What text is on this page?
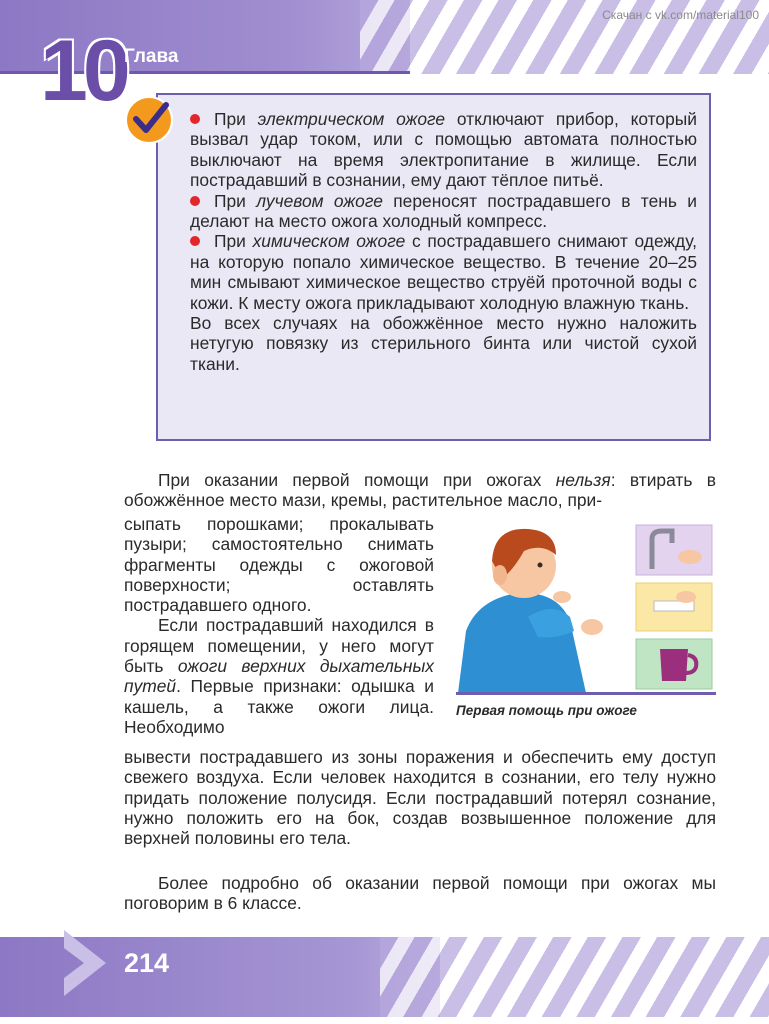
Скачан с vk.com/material100
10
Глава

При электрическом ожоге отключают прибор, который вызвал удар током, или с помощью автомата полностью выключают на время электропитание в жилище. Если пострадавший в сознании, ему дают тёплое питьё.

При лучевом ожоге переносят пострадавшего в тень и делают на место ожога холодный компресс.

При химическом ожоге с пострадавшего снимают одежду, на которую попало химическое вещество. В течение 20–25 мин смывают химическое вещество струёй проточной воды с кожи. К месту ожога прикладывают холодную влажную ткань.

Во всех случаях на обожжённое место нужно наложить нетугую повязку из стерильного бинта или чистой сухой ткани.

При оказании первой помощи при ожогах нельзя: втирать в обожжённое место мази, кремы, растительное масло, при-

сыпать порошками; прокалывать пузыри; самостоятельно снимать фрагменты одежды с ожоговой поверхности; оставлять пострадавшего одного.

Если пострадавший находился в горящем помещении, у него могут быть ожоги верхних дыхательных путей. Первые признаки: одышка и кашель, а также ожоги лица. Необходимо

вывести пострадавшего из зоны поражения и обеспечить ему доступ свежего воздуха. Если человек находится в сознании, его телу нужно придать положение полусидя. Если пострадавший потерял сознание, нужно положить его на бок, создав возвышенное положение для верхней половины его тела.

Более подробно об оказании первой помощи при ожогах мы поговорим в 6 классе.

Первая помощь при ожоге
214
